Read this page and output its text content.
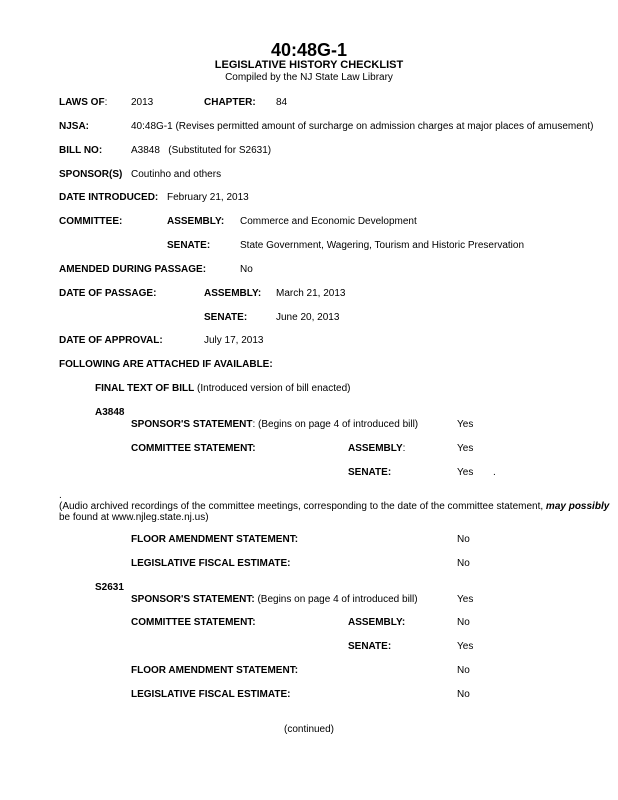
40:48G-1
LEGISLATIVE HISTORY CHECKLIST
Compiled by the NJ State Law Library
LAWS OF: 2013	CHAPTER: 84
NJSA:	40:48G-1 (Revises permitted amount of surcharge on admission charges at major places of amusement)
BILL NO:	A3848   (Substituted for S2631)
SPONSOR(S) Coutinho and others
DATE INTRODUCED: February 21, 2013
COMMITTEE:	ASSEMBLY: Commerce and Economic Development
SENATE:	State Government, Wagering, Tourism and Historic Preservation
AMENDED DURING PASSAGE:	No
DATE OF PASSAGE:	ASSEMBLY: March 21, 2013
SENATE:	June 20, 2013
DATE OF APPROVAL:	July 17, 2013
FOLLOWING ARE ATTACHED IF AVAILABLE:
FINAL TEXT OF BILL (Introduced version of bill enacted)
A3848
SPONSOR'S STATEMENT: (Begins on page 4 of introduced bill)	Yes
COMMITTEE STATEMENT:	ASSEMBLY:	Yes
SENATE:	Yes .
.
(Audio archived recordings of the committee meetings, corresponding to the date of the committee statement, may possibly
be found at www.njleg.state.nj.us)
FLOOR AMENDMENT STATEMENT:	No
LEGISLATIVE FISCAL ESTIMATE:	No
S2631
SPONSOR'S STATEMENT: (Begins on page 4 of introduced bill)	Yes
COMMITTEE STATEMENT:	ASSEMBLY:	No
SENATE:	Yes
FLOOR AMENDMENT STATEMENT:	No
LEGISLATIVE FISCAL ESTIMATE:	No
(continued)
